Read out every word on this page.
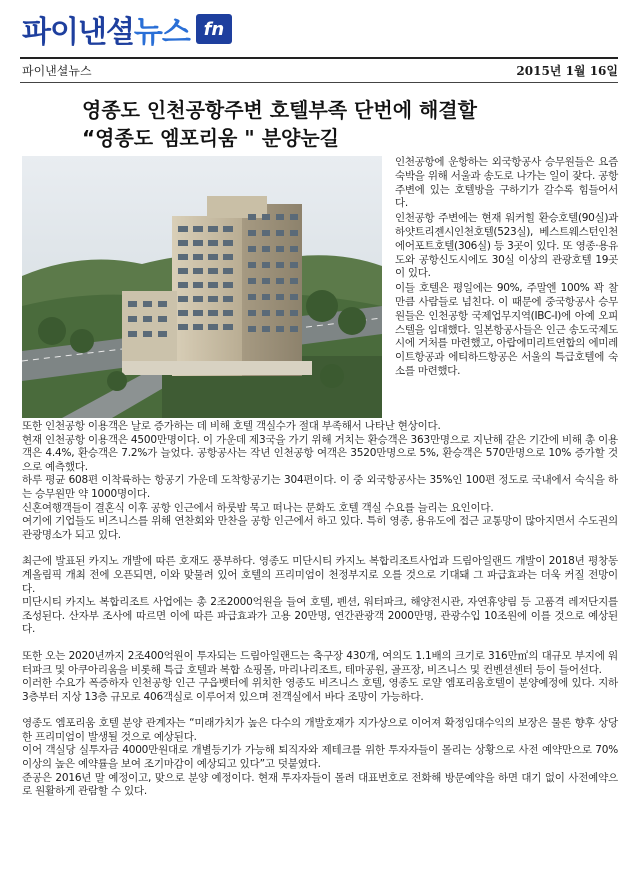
파이낸셜뉴스 fn
파이낸셜뉴스	2015년 1월 16일
영종도 인천공항주변 호텔부족 단번에 해결할
“영종도 엠포리움 " 분양눈길

인천공항에 운항하는 외국항공사 승무원들은 요즘 숙박을 위해 서울과 송도로 나가는 일이 잦다. 공항 주변에 있는 호텔방을 구하기가 갈수록 힘들어서다.

인천공항 주변에는 현재 워커힐 환승호텔(90실)과 하얏트리젠시인천호텔(523실), 베스트웨스턴인천에어포트호텔(306실) 등 3곳이 있다. 또 영종·용유도와 공항신도시에도 30실 이상의 관광호텔 19곳이 있다.

이들 호텔은 평일에는 90%, 주말엔 100% 꽉 찰 만큼 사람들로 넘친다. 이 때문에 중국항공사 승무원들은 인천공항 국제업무지역(IBC-I)에 아예 오피스텔을 임대했다. 일본항공사들은 인근 송도국제도시에 거처를 마련했고, 아랍에미리트연합의 에미레이트항공과 에티하드항공은 서울의 특급호텔에 숙소를 마련했다.

또한 인천공항 이용객은 날로 증가하는 데 비해 호텔 객실수가 절대 부족해서 나타난 현상이다.

현재 인천공항 이용객은 4500만명이다. 이 가운데 제3국을 가기 위해 거치는 환승객은 363만명으로 지난해 같은 기간에 비해 총 이용객은 4.4%, 환승객은 7.2%가 늘었다. 공항공사는 작년 인천공항 여객은 3520만명으로 5%, 환승객은 570만명으로 10% 증가할 것으로 예측했다.

하루 평균 608편 이착륙하는 항공기 가운데 도착항공기는 304편이다. 이 중 외국항공사는 35%인 100편 정도로 국내에서 숙식을 하는 승무원만 약 1000명이다.

신혼여행객들이 결혼식 이후 공항 인근에서 하룻밤 묵고 떠나는 문화도 호텔 객실 수요를 늘리는 요인이다.

여기에 기업들도 비즈니스를 위해 연찬회와 만찬을 공항 인근에서 하고 있다. 특히 영종, 용유도에 접근 교통망이 많아지면서 수도권의 관광명소가 되고 있다.

최근에 발표된 카지노 개발에 따른 호재도 풍부하다. 영종도 미단시티 카지노 복합리조트사업과 드림아일랜드 개발이 2018년 평창동계올림픽 개최 전에 오픈되면, 이와 맞물려 있어 호텔의 프리미엄이 천정부지로 오를 것으로 기대돼 그 파급효과는 더욱 커질 전망이다.

미단시티 카지노 복합리조트 사업에는 총 2조2000억원을 들여 호텔, 펜션, 워터파크, 해양전시관, 자연휴양림 등 고품격 레저단지를 조성된다. 산자부 조사에 따르면 이에 따른 파급효과가 고용 20만명, 연간관광객 2000만명, 관광수입 10조원에 이를 것으로 예상된다.

또한 오는 2020년까지 2조400억원이 투자되는 드림아일랜드는 축구장 430개, 여의도 1.1배의 크기로 316만㎡의 대규모 부지에 워터파크 및 아쿠아리움을 비롯해 특급 호텔과 복합 쇼핑몰, 마리나리조트, 테마공원, 골프장, 비즈니스 및 컨벤션센터 등이 들어선다.

이러한 수요가 폭증하자 인천공항 인근 구읍뱃터에 위치한 영종도 비즈니스 호텔, 영종도 로얄 엠포리움호텔이 분양예정에 있다. 지하 3층부터 지상 13층 규모로 406객실로 이루어져 있으며 전객실에서 바다 조망이 가능하다.

영종도 엠포리움 호텔 분양 관계자는 “미래가치가 높은 다수의 개발호재가 지가상으로 이어져 확정임대수익의 보장은 물론 향후 상당한 프리미엄이 발생될 것으로 예상된다.

이어 객실당 실투자금 4000만원대로 개별등기가 가능해 퇴직자와 제테크를 위한 투자자들이 몰리는 상황으로 사전 예약만으로 70% 이상의 높은 예약률을 보여 조기마감이 예상되고 있다”고 덧붙였다.

준공은 2016년 말 예정이고, 맞으로 분양 예정이다. 현재 투자자들이 몰려 대표번호로 전화해 방문예약을 하면 대기 없이 사전예약으로 원활하게 관람할 수 있다.
